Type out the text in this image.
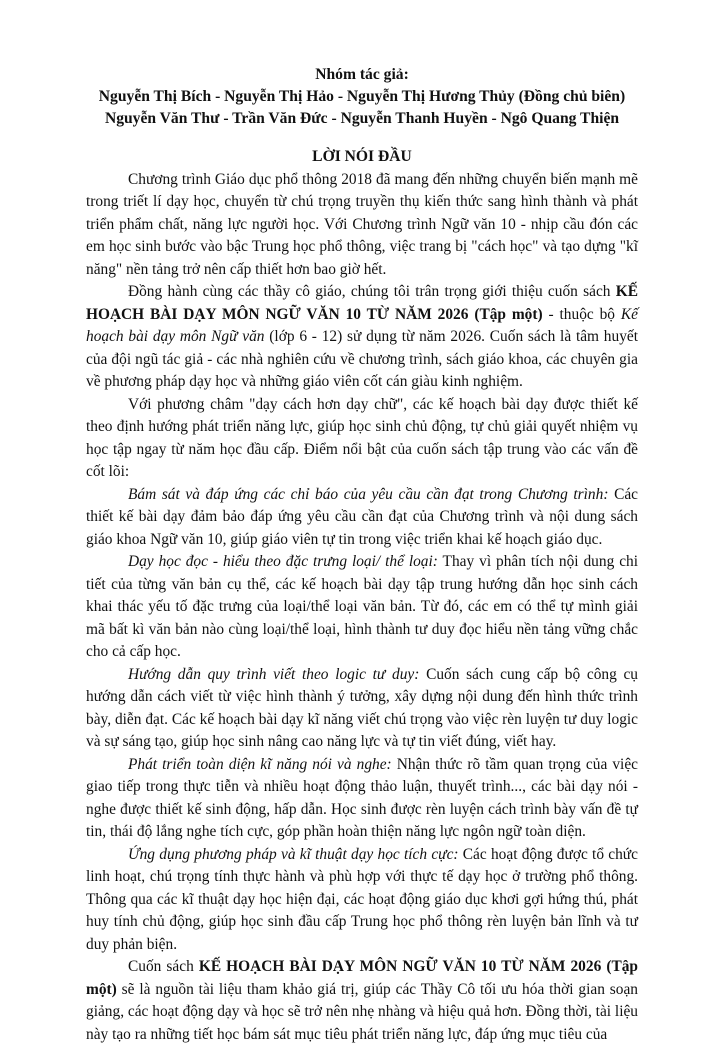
Nhóm tác giả:
Nguyễn Thị Bích - Nguyễn Thị Hảo - Nguyễn Thị Hương Thủy (Đồng chủ biên)
Nguyễn Văn Thư - Trần Văn Đức - Nguyễn Thanh Huyền - Ngô Quang Thiện
LỜI NÓI ĐẦU

Chương trình Giáo dục phổ thông 2018 đã mang đến những chuyển biến mạnh mẽ trong triết lí dạy học, chuyển từ chú trọng truyền thụ kiến thức sang hình thành và phát triển phẩm chất, năng lực người học. Với Chương trình Ngữ văn 10 - nhịp cầu đón các em học sinh bước vào bậc Trung học phổ thông, việc trang bị "cách học" và tạo dựng "kĩ năng" nền tảng trở nên cấp thiết hơn bao giờ hết.

Đồng hành cùng các thầy cô giáo, chúng tôi trân trọng giới thiệu cuốn sách KẾ HOẠCH BÀI DẠY MÔN NGỮ VĂN 10 TỪ NĂM 2026 (Tập một) - thuộc bộ Kế hoạch bài dạy môn Ngữ văn (lớp 6 - 12) sử dụng từ năm 2026. Cuốn sách là tâm huyết của đội ngũ tác giả - các nhà nghiên cứu về chương trình, sách giáo khoa, các chuyên gia về phương pháp dạy học và những giáo viên cốt cán giàu kinh nghiệm.

Với phương châm "dạy cách hơn dạy chữ", các kế hoạch bài dạy được thiết kế theo định hướng phát triển năng lực, giúp học sinh chủ động, tự chủ giải quyết nhiệm vụ học tập ngay từ năm học đầu cấp. Điểm nổi bật của cuốn sách tập trung vào các vấn đề cốt lõi:

Bám sát và đáp ứng các chỉ báo của yêu cầu cần đạt trong Chương trình: Các thiết kế bài dạy đảm bảo đáp ứng yêu cầu cần đạt của Chương trình và nội dung sách giáo khoa Ngữ văn 10, giúp giáo viên tự tin trong việc triển khai kế hoạch giáo dục.

Dạy học đọc - hiểu theo đặc trưng loại/ thể loại: Thay vì phân tích nội dung chi tiết của từng văn bản cụ thể, các kế hoạch bài dạy tập trung hướng dẫn học sinh cách khai thác yếu tố đặc trưng của loại/thể loại văn bản. Từ đó, các em có thể tự mình giải mã bất kì văn bản nào cùng loại/thể loại, hình thành tư duy đọc hiểu nền tảng vững chắc cho cả cấp học.

Hướng dẫn quy trình viết theo logic tư duy: Cuốn sách cung cấp bộ công cụ hướng dẫn cách viết từ việc hình thành ý tưởng, xây dựng nội dung đến hình thức trình bày, diễn đạt. Các kế hoạch bài dạy kĩ năng viết chú trọng vào việc rèn luyện tư duy logic và sự sáng tạo, giúp học sinh nâng cao năng lực và tự tin viết đúng, viết hay.

Phát triển toàn diện kĩ năng nói và nghe: Nhận thức rõ tầm quan trọng của việc giao tiếp trong thực tiễn và nhiều hoạt động thảo luận, thuyết trình..., các bài dạy nói - nghe được thiết kế sinh động, hấp dẫn. Học sinh được rèn luyện cách trình bày vấn đề tự tin, thái độ lắng nghe tích cực, góp phần hoàn thiện năng lực ngôn ngữ toàn diện.

Ứng dụng phương pháp và kĩ thuật dạy học tích cực: Các hoạt động được tổ chức linh hoạt, chú trọng tính thực hành và phù hợp với thực tế dạy học ở trường phổ thông. Thông qua các kĩ thuật dạy học hiện đại, các hoạt động giáo dục khơi gợi hứng thú, phát huy tính chủ động, giúp học sinh đầu cấp Trung học phổ thông rèn luyện bản lĩnh và tư duy phản biện.

Cuốn sách KẾ HOẠCH BÀI DẠY MÔN NGỮ VĂN 10 TỪ NĂM 2026 (Tập một) sẽ là nguồn tài liệu tham khảo giá trị, giúp các Thầy Cô tối ưu hóa thời gian soạn giảng, các hoạt động dạy và học sẽ trở nên nhẹ nhàng và hiệu quả hơn. Đồng thời, tài liệu này tạo ra những tiết học bám sát mục tiêu phát triển năng lực, đáp ứng mục tiêu của
